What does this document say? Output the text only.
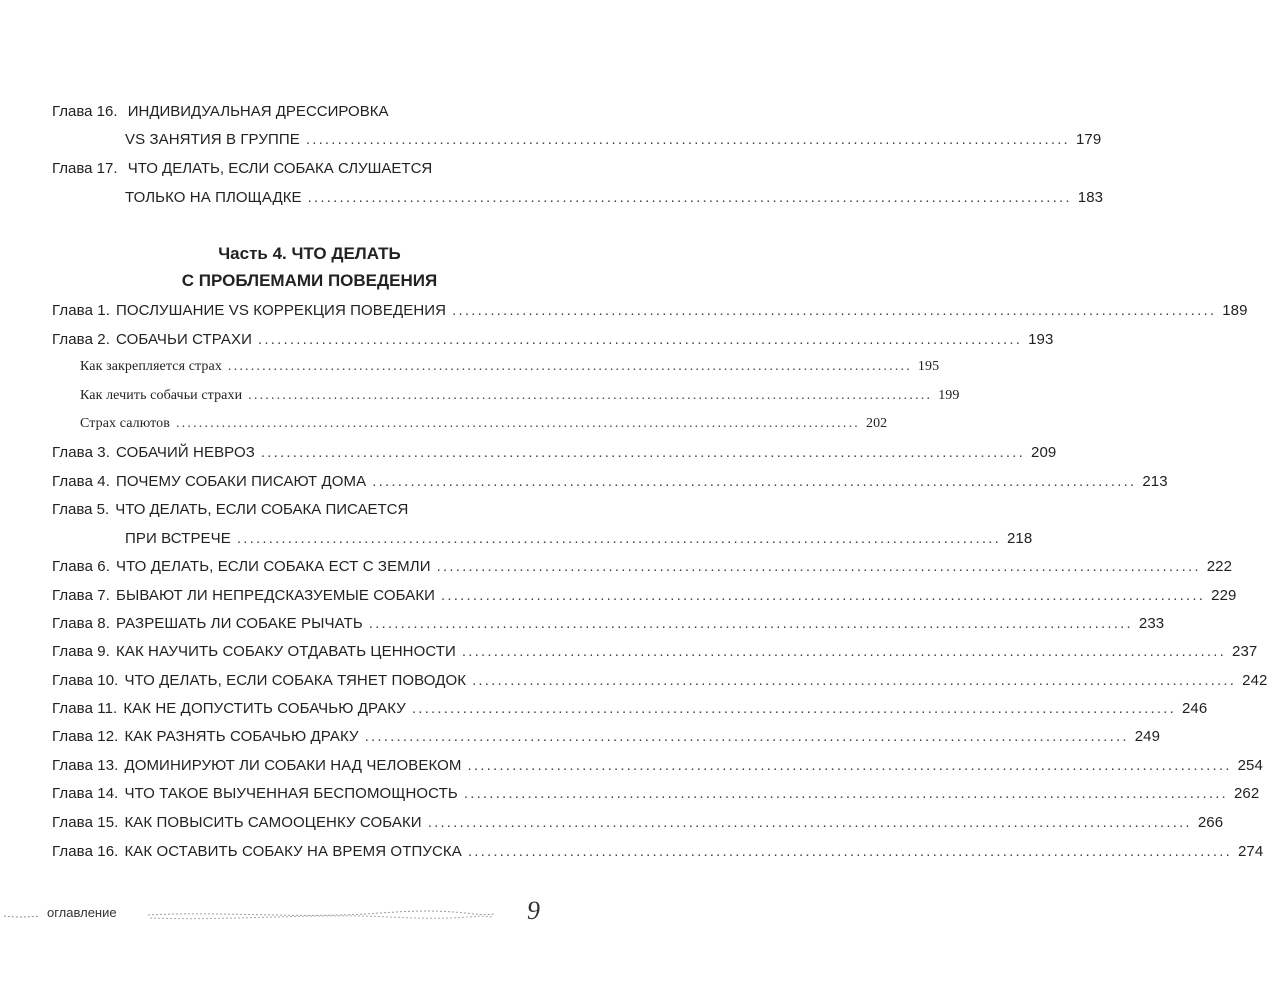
Глава 16. ИНДИВИДУАЛЬНАЯ ДРЕССИРОВКА
VS ЗАНЯТИЯ В ГРУППЕ ........................................................................................................................ 179
Глава 17. ЧТО ДЕЛАТЬ, ЕСЛИ СОБАКА СЛУШАЕТСЯ
ТОЛЬКО НА ПЛОЩАДКЕ ........................................................................................................................ 183
Часть 4. ЧТО ДЕЛАТЬ
С ПРОБЛЕМАМИ ПОВЕДЕНИЯ
Глава 1. ПОСЛУШАНИЕ VS КОРРЕКЦИЯ ПОВЕДЕНИЯ ........................................................................................................................ 189
Глава 2. СОБАЧЬИ СТРАХИ ........................................................................................................................ 193
Как закрепляется страх ........................................................................................................................ 195
Как лечить собачьи страхи ........................................................................................................................ 199
Страх салютов ........................................................................................................................ 202
Глава 3. СОБАЧИЙ НЕВРОЗ ........................................................................................................................ 209
Глава 4. ПОЧЕМУ СОБАКИ ПИСАЮТ ДОМА ........................................................................................................................ 213
Глава 5. ЧТО ДЕЛАТЬ, ЕСЛИ СОБАКА ПИСАЕТСЯ
ПРИ ВСТРЕЧЕ ........................................................................................................................ 218
Глава 6. ЧТО ДЕЛАТЬ, ЕСЛИ СОБАКА ЕСТ С ЗЕМЛИ ........................................................................................................................ 222
Глава 7. БЫВАЮТ ЛИ НЕПРЕДСКАЗУЕМЫЕ СОБАКИ ........................................................................................................................ 229
Глава 8. РАЗРЕШАТЬ ЛИ СОБАКЕ РЫЧАТЬ ........................................................................................................................ 233
Глава 9. КАК НАУЧИТЬ СОБАКУ ОТДАВАТЬ ЦЕННОСТИ ........................................................................................................................ 237
Глава 10. ЧТО ДЕЛАТЬ, ЕСЛИ СОБАКА ТЯНЕТ ПОВОДОК ........................................................................................................................ 242
Глава 11. КАК НЕ ДОПУСТИТЬ СОБАЧЬЮ ДРАКУ ........................................................................................................................ 246
Глава 12. КАК РАЗНЯТЬ СОБАЧЬЮ ДРАКУ ........................................................................................................................ 249
Глава 13. ДОМИНИРУЮТ ЛИ СОБАКИ НАД ЧЕЛОВЕКОМ ........................................................................................................................ 254
Глава 14. ЧТО ТАКОЕ ВЫУЧЕННАЯ БЕСПОМОЩНОСТЬ ........................................................................................................................ 262
Глава 15. КАК ПОВЫСИТЬ САМООЦЕНКУ СОБАКИ ........................................................................................................................ 266
Глава 16. КАК ОСТАВИТЬ СОБАКУ НА ВРЕМЯ ОТПУСКА ........................................................................................................................ 274
оглавление	9
